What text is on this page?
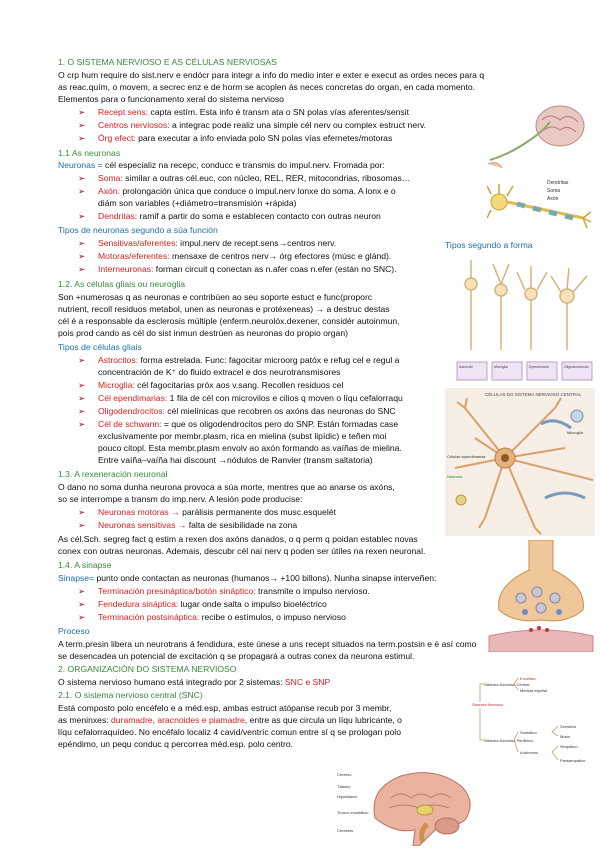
1. O SISTEMA NERVIOSO E AS CÉLULAS NERVIOSAS
O crp hum require do sist.nerv e endócr para integr a info do medio inter e exter e execut as ordes neces para q
as reac.quím, o movem, a secrec enz e de horm se acoplen ás neces concretas do organ, en cada momento.
Elementos para o funcionamento xeral do sistema nervioso
➢ Recept sens: capta estím. Esta info é transm ata o SN polas vías aferentes/sensit
➢ Centros nerviosos: a integrac pode realiz una simple cél nerv ou complex estruct nerv.
➢ Órg efect: para executar a info enviada polo SN polas vías efernetes/motoras
1.1 As neuronas
Neuronas = cél especializ na recepc, conducc e transmis do impul.nerv. Fromada por:
➢ Soma: similar a outras cél.euc, con núcleo, REL, RER, mitocondrias, ribosomas…
➢ Axón: prolongación única que conduce o impul.nerv lonxe do soma. A lonx e o
diám son variables (+diámetro=transmisión +rápida)
➢ Dendritas: ramif a partir do soma e establecen contacto con outras neuron
Tipos de neuronas segundo a súa función
Tipos segundo a forma
➢ Sensitivas/aferentes: impul.nerv de recept.sens→centros nerv.
➢ Motoras/eferentes: mensaxe de centros nerv→ órg efectores (músc e glánd).
➢ Interneuronas: forman circuit q conectan as n.afer coas n.efer (están no SNC).
1.2. As células gliais ou neuroglia
Son +numerosas q as neuronas e contribúen ao seu soporte estuct e func(proporc
nutrient, recoll residuos metabol, unen as neuronas e protéxeneas) → a destruc destas
cél é a responsable da esclerosis múltiple (enferm.neurolóx.dexener, considér autoinmun,
pois prod cando as cél do sist inmun destrúen as neuronas do propio organ)
Tipos de células gliais
➢ Astrocitos: forma estrelada. Func: fagocitar microorg patóx e refug cel e regul a
concentración de K⁺ do fluido extracel e dos neurotransmisores
➢ Microglia: cél fagocitarias próx aos v.sang. Recollen residuos cel
➢ Cél ependimarias: 1 fila de cél con microvilos e cilios q moven o líqu cefalorraqu
➢ Oligodendrocitos: cél mielínicas que recobren os axóns das neuronas do SNC
➢ Cél de schwann: = que os oligodendrocitos pero do SNP. Están formadas case
exclusivamente por membr.plasm, rica en mielina (subst lipídic) e teñen moi
pouco citopl. Esta membr.plasm envolv ao axón formando as vaíñas de mielina.
Entre vaíña–vaíña hai discount →nódulos de Ranvier (transm saltatoria)
1.3. A rexeneración neuronal
O dano no soma dunha neurona provoca a súa morte, mentres que ao anarse os axóns,
so se interrompe a transm do imp.nerv. A lesión pode producise:
➢ Neuronas motoras → parálisis permanente dos musc.esquelét
➢ Neuronas sensitivas → falta de sesibilidade na zona
As cél.Sch. segreg fact q estim a rexen dos axóns danados, o q perm q poidan establec novas
conex con outras neuronas. Ademais, descubr cél nai nerv q poden ser útiles na rexen neuronal.
1.4. A sinapse
Sinapse= punto onde contactan as neuronas (humanos→ +100 billons). Nunha sinapse interveñen:
➢ Terminación presináptica/botón sináptico: transmite o impulso nervioso.
➢ Fendedura sináptica: lugar onde salta o impulso bioeléctrico
➢ Terminación postsináptica: recibe o estímulos, o impuso nervioso
Proceso
A term.presin libera un neurotrans á fendidura, este únese a uns recept situados na term.postsin e é así como
se desencadea un potencial de excitación q se propagará a outras conex da neurona estimul.
2. ORGANIZACIÓN DO SISTEMA NERVIOSO
O sistema nervioso humano está integrado por 2 sistemas: SNC e SNP
2.1. O sistema nervioso central (SNC)
Está composto polo encéfelo e a méd.esp, ambas estruct atópanse recub por 3 membr,
as meninxes: duramadre, aracnoides e piamadre, entre as que circula un líqu lubricante, o
líqu cefalorraquídeo. No encéfalo localiz 4 cavid/ventríc comun entre sí q se prologan polo
epéndimo, un pequ conduc q percorrea méd.esp. polo centro.
Dendritas
Soma
Axón
Astrocito	Microglia	Ependimaria	Oligodendrocito
CÉLULAS DO SISTEMA NERVIOSO CENTRAL
Microglía
Células ependimarias
Neurona
Sistema Nervioso
Sistema Nervioso Central
Sistema Nervioso Periférico
Encéfalo
Médula espiñal
Somático
Autónomo
Simpático
Parasimpático
Sensitivo
Motor
Cerebro
Tálamo
Hipotálamo
Tronco encefálico
Cerebelo
